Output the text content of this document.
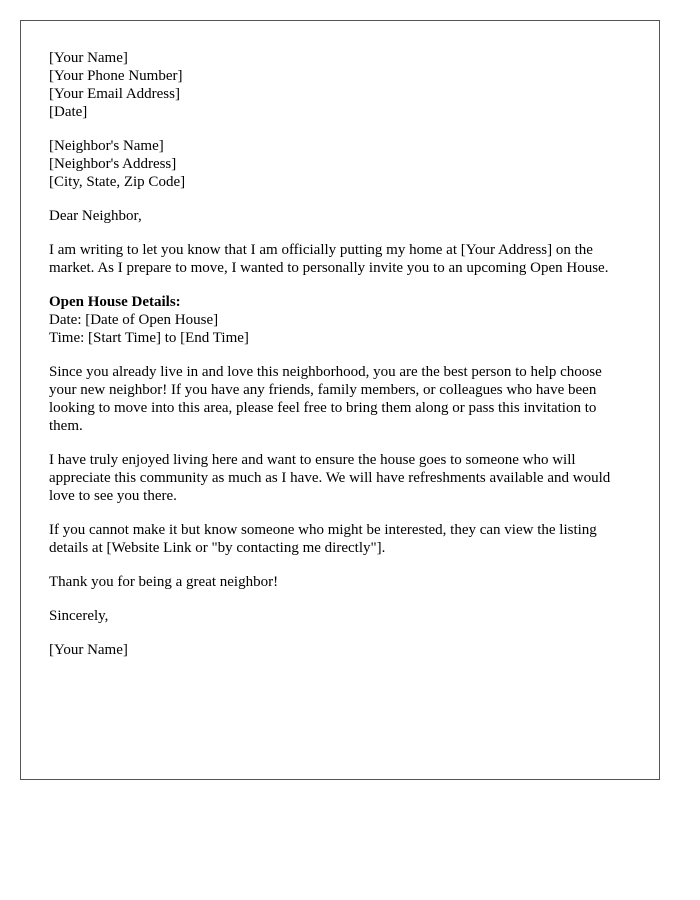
[Your Name]
[Your Phone Number]
[Your Email Address]
[Date]

[Neighbor's Name]
[Neighbor's Address]
[City, State, Zip Code]

Dear Neighbor,

I am writing to let you know that I am officially putting my home at [Your Address] on the market. As I prepare to move, I wanted to personally invite you to an upcoming Open House.

Open House Details:
Date: [Date of Open House]
Time: [Start Time] to [End Time]

Since you already live in and love this neighborhood, you are the best person to help choose your new neighbor! If you have any friends, family members, or colleagues who have been looking to move into this area, please feel free to bring them along or pass this invitation to them.

I have truly enjoyed living here and want to ensure the house goes to someone who will appreciate this community as much as I have. We will have refreshments available and would love to see you there.

If you cannot make it but know someone who might be interested, they can view the listing details at [Website Link or "by contacting me directly"].

Thank you for being a great neighbor!

Sincerely,

[Your Name]
